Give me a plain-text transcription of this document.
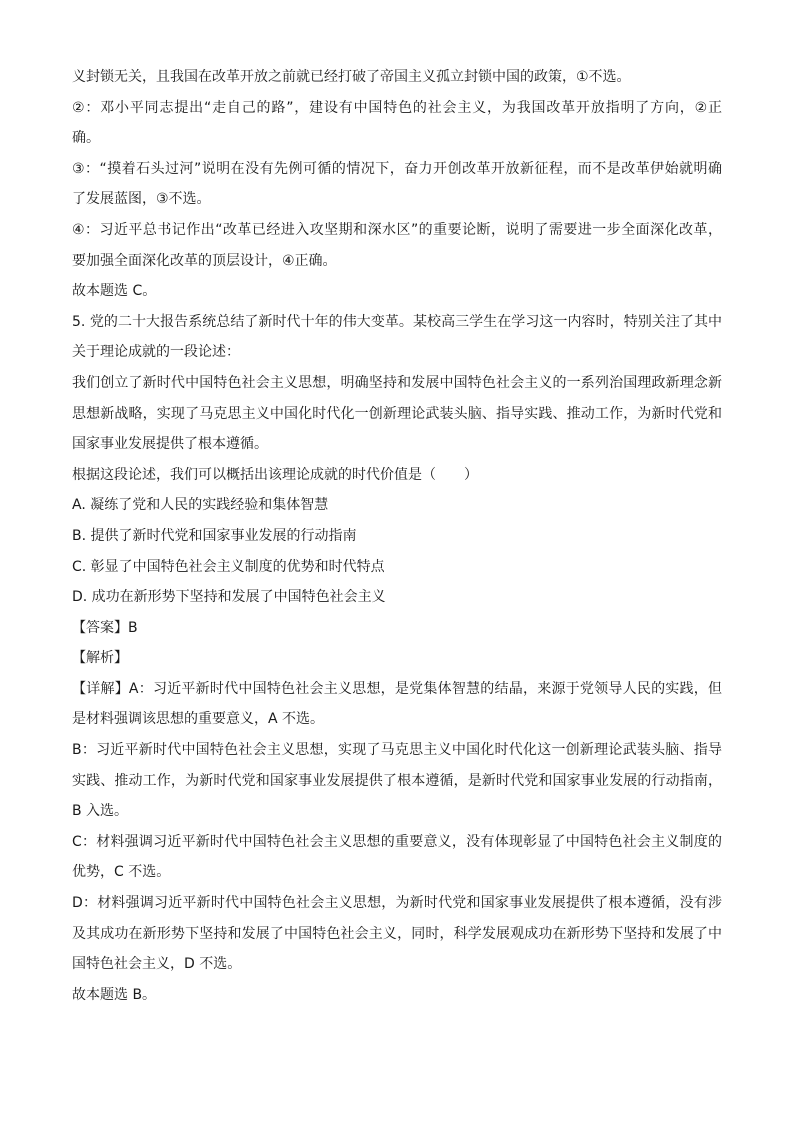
义封锁无关，且我国在改革开放之前就已经打破了帝国主义孤立封锁中国的政策，①不选。
②：邓小平同志提出“走自己的路”，建设有中国特色的社会主义，为我国改革开放指明了方向，②正
确。
③：“摸着石头过河”说明在没有先例可循的情况下，奋力开创改革开放新征程，而不是改革伊始就明确
了发展蓝图，③不选。
④：习近平总书记作出“改革已经进入攻坚期和深水区”的重要论断，说明了需要进一步全面深化改革，
要加强全面深化改革的顶层设计，④正确。
故本题选 C。
5. 党的二十大报告系统总结了新时代十年的伟大变革。某校高三学生在学习这一内容时，特别关注了其中
关于理论成就的一段论述：
我们创立了新时代中国特色社会主义思想，明确坚持和发展中国特色社会主义的一系列治国理政新理念新
思想新战略，实现了马克思主义中国化时代化一创新理论武装头脑、指导实践、推动工作，为新时代党和
国家事业发展提供了根本遵循。
根据这段论述，我们可以概括出该理论成就的时代价值是（　　）
A. 凝练了党和人民的实践经验和集体智慧
B. 提供了新时代党和国家事业发展的行动指南
C. 彰显了中国特色社会主义制度的优势和时代特点
D. 成功在新形势下坚持和发展了中国特色社会主义
【答案】B
【解析】
【详解】A：习近平新时代中国特色社会主义思想，是党集体智慧的结晶，来源于党领导人民的实践，但
是材料强调该思想的重要意义，A 不选。
B：习近平新时代中国特色社会主义思想，实现了马克思主义中国化时代化这一创新理论武装头脑、指导
实践、推动工作，为新时代党和国家事业发展提供了根本遵循，是新时代党和国家事业发展的行动指南，
B 入选。
C：材料强调习近平新时代中国特色社会主义思想的重要意义，没有体现彰显了中国特色社会主义制度的
优势，C 不选。
D：材料强调习近平新时代中国特色社会主义思想，为新时代党和国家事业发展提供了根本遵循，没有涉
及其成功在新形势下坚持和发展了中国特色社会主义，同时，科学发展观成功在新形势下坚持和发展了中
国特色社会主义，D 不选。
故本题选 B。
